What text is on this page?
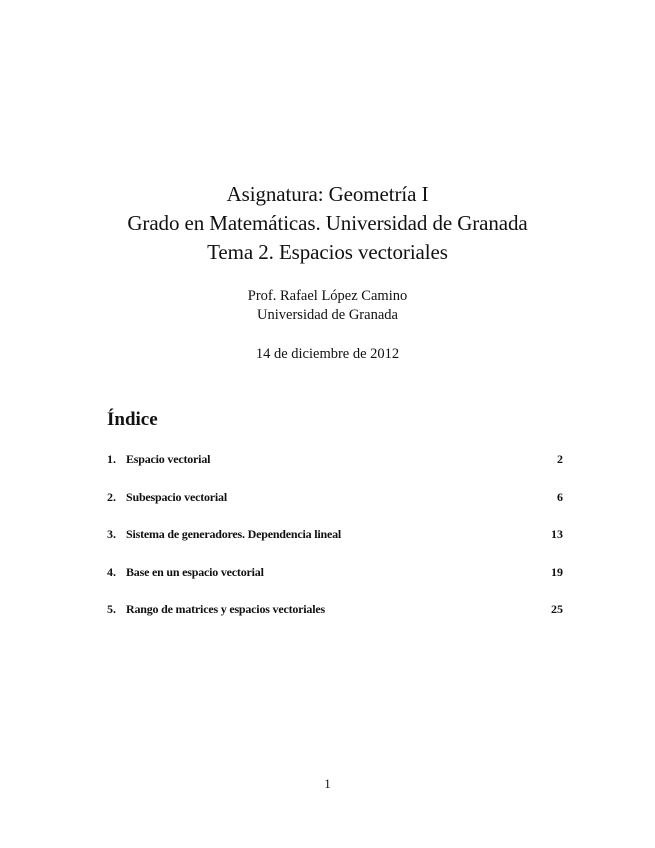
Asignatura: Geometría I
Grado en Matemáticas. Universidad de Granada
Tema 2. Espacios vectoriales
Prof. Rafael López Camino
Universidad de Granada
14 de diciembre de 2012
Índice
1. Espacio vectorial	2
2. Subespacio vectorial	6
3. Sistema de generadores. Dependencia lineal	13
4. Base en un espacio vectorial	19
5. Rango de matrices y espacios vectoriales	25
1
